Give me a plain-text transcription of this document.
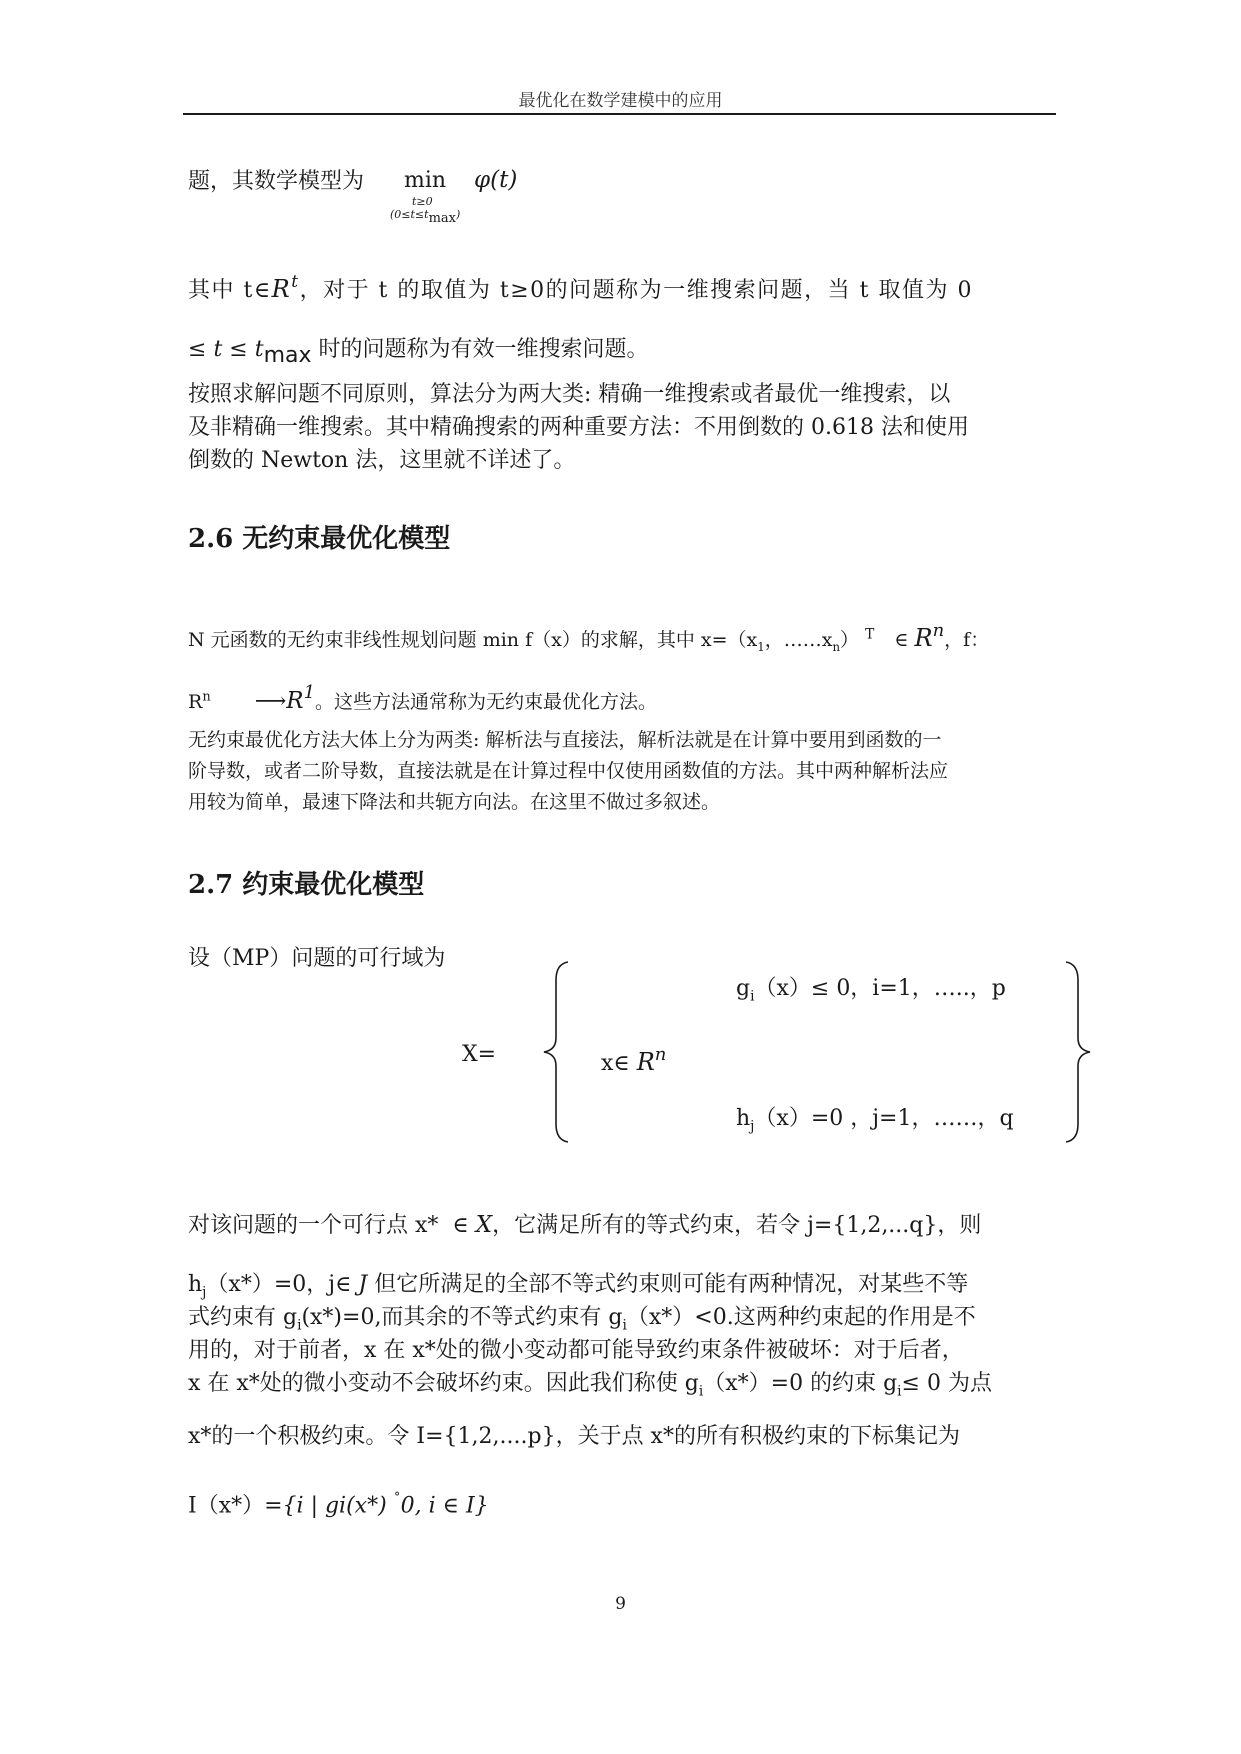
最优化在数学建模中的应用
题，其数学模型为 min
t≥0
(0≤t≤tmax)
φ(t)
其中 $t\in R^t$，对于 t 的取值为 t≥0的问题称为一维搜索问题，当 t 取值为 0
≤ t ≤ tmax 时的问题称为有效一维搜索问题。
按照求解问题不同原则，算法分为两大类: 精确一维搜索或者最优一维搜索，以
及非精确一维搜索。其中精确搜索的两种重要方法：不用倒数的 0.618 法和使用
倒数的 Newton 法，这里就不详述了。
2.6 无约束最优化模型
N 元函数的无约束非线性规划问题 min f（x）的求解，其中 $x=(x_1$，$\dots\dots x_n$） $^T$ ∈ $R^n$，f：
$R^n$ $⟶R^1$。这些方法通常称为无约束最优化方法。
无约束最优化方法大体上分为两类: 解析法与直接法，解析法就是在计算中要用到函数的一
阶导数，或者二阶导数，直接法就是在计算过程中仅使用函数值的方法。其中两种解析法应
用较为简单，最速下降法和共轭方向法。在这里不做过多叙述。
2.7 约束最优化模型
设（MP）问题的可行域为
X=	x∈ $R^n$
$g_i(x)\le 0$，i=1，…..，p
$h_j(x)=0$ ，j=1，……，q
对该问题的一个可行点 x* ∈ X，它满足所有的等式约束，若令 j={1,2,...q}，则
$h_j(x*)=0$，j∈ J 但它所满足的全部不等式约束则可能有两种情况，对某些不等
式约束有 $g_i(x*)=0$,而其余的不等式约束有 $g_i(x*)<0$.这两种约束起的作用是不
用的，对于前者，x 在 x*处的微小变动都可能导致约束条件被破坏：对于后者，
x 在 x*处的微小变动不会破坏约束。因此我们称使 $g_i(x*)=0$ 的约束 $g_i\le 0$ 为点
x*的一个积极约束。令 I={1,2,....p}，关于点 x*的所有积极约束的下标集记为
I（x*）={i | gi(x*) ˚0, i ∈ I}
9
